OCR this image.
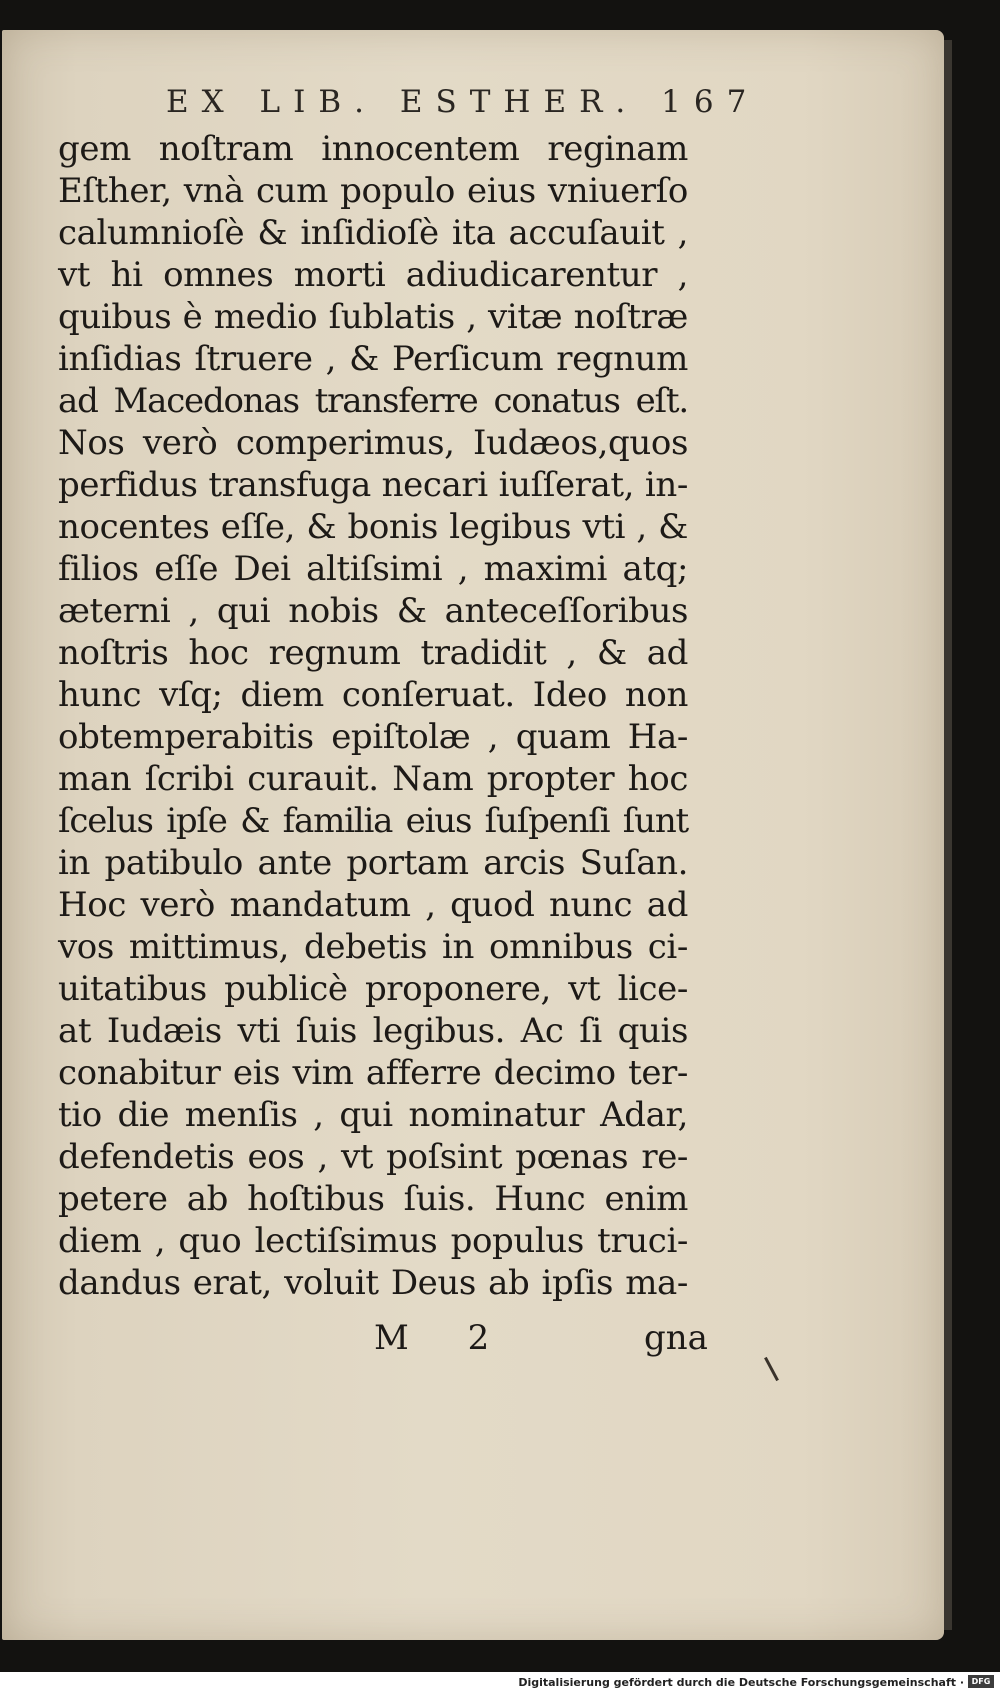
EX LIB. ESTHER. 167
gem noſtram innocentem reginam
Eſther, vnà cum populo eius vniuerſo
calumnioſè & inſidioſè ita accuſauit ,
vt hi omnes morti adiudicarentur ,
quibus è medio ſublatis , vitæ noſtræ
inſidias ſtruere , & Perſicum regnum
ad Macedonas transferre conatus eſt.
Nos verò comperimus, Iudæos,quos
perfidus transfuga necari iuſſerat, in-
nocentes eſſe, & bonis legibus vti , &
filios eſſe Dei altiſsimi , maximi atq;
æterni , qui nobis & anteceſſoribus
noſtris hoc regnum tradidit , & ad
hunc vſq; diem conſeruat. Ideo non
obtemperabitis epiſtolæ , quam Ha-
man ſcribi curauit. Nam propter hoc
ſcelus ipſe & familia eius ſuſpenſi ſunt
in patibulo ante portam arcis Suſan.
Hoc verò mandatum , quod nunc ad
vos mittimus, debetis in omnibus ci-
uitatibus publicè proponere, vt lice-
at Iudæis vti ſuis legibus. Ac ſi quis
conabitur eis vim afferre decimo ter-
tio die menſis , qui nominatur Adar,
defendetis eos , vt poſsint pœnas re-
petere ab hoſtibus ſuis. Hunc enim
diem , quo lectiſsimus populus truci-
dandus erat, voluit Deus ab ipſis ma-
M 2	gna
Digitalisierung gefördert durch die Deutsche Forschungsgemeinschaft · DFG
